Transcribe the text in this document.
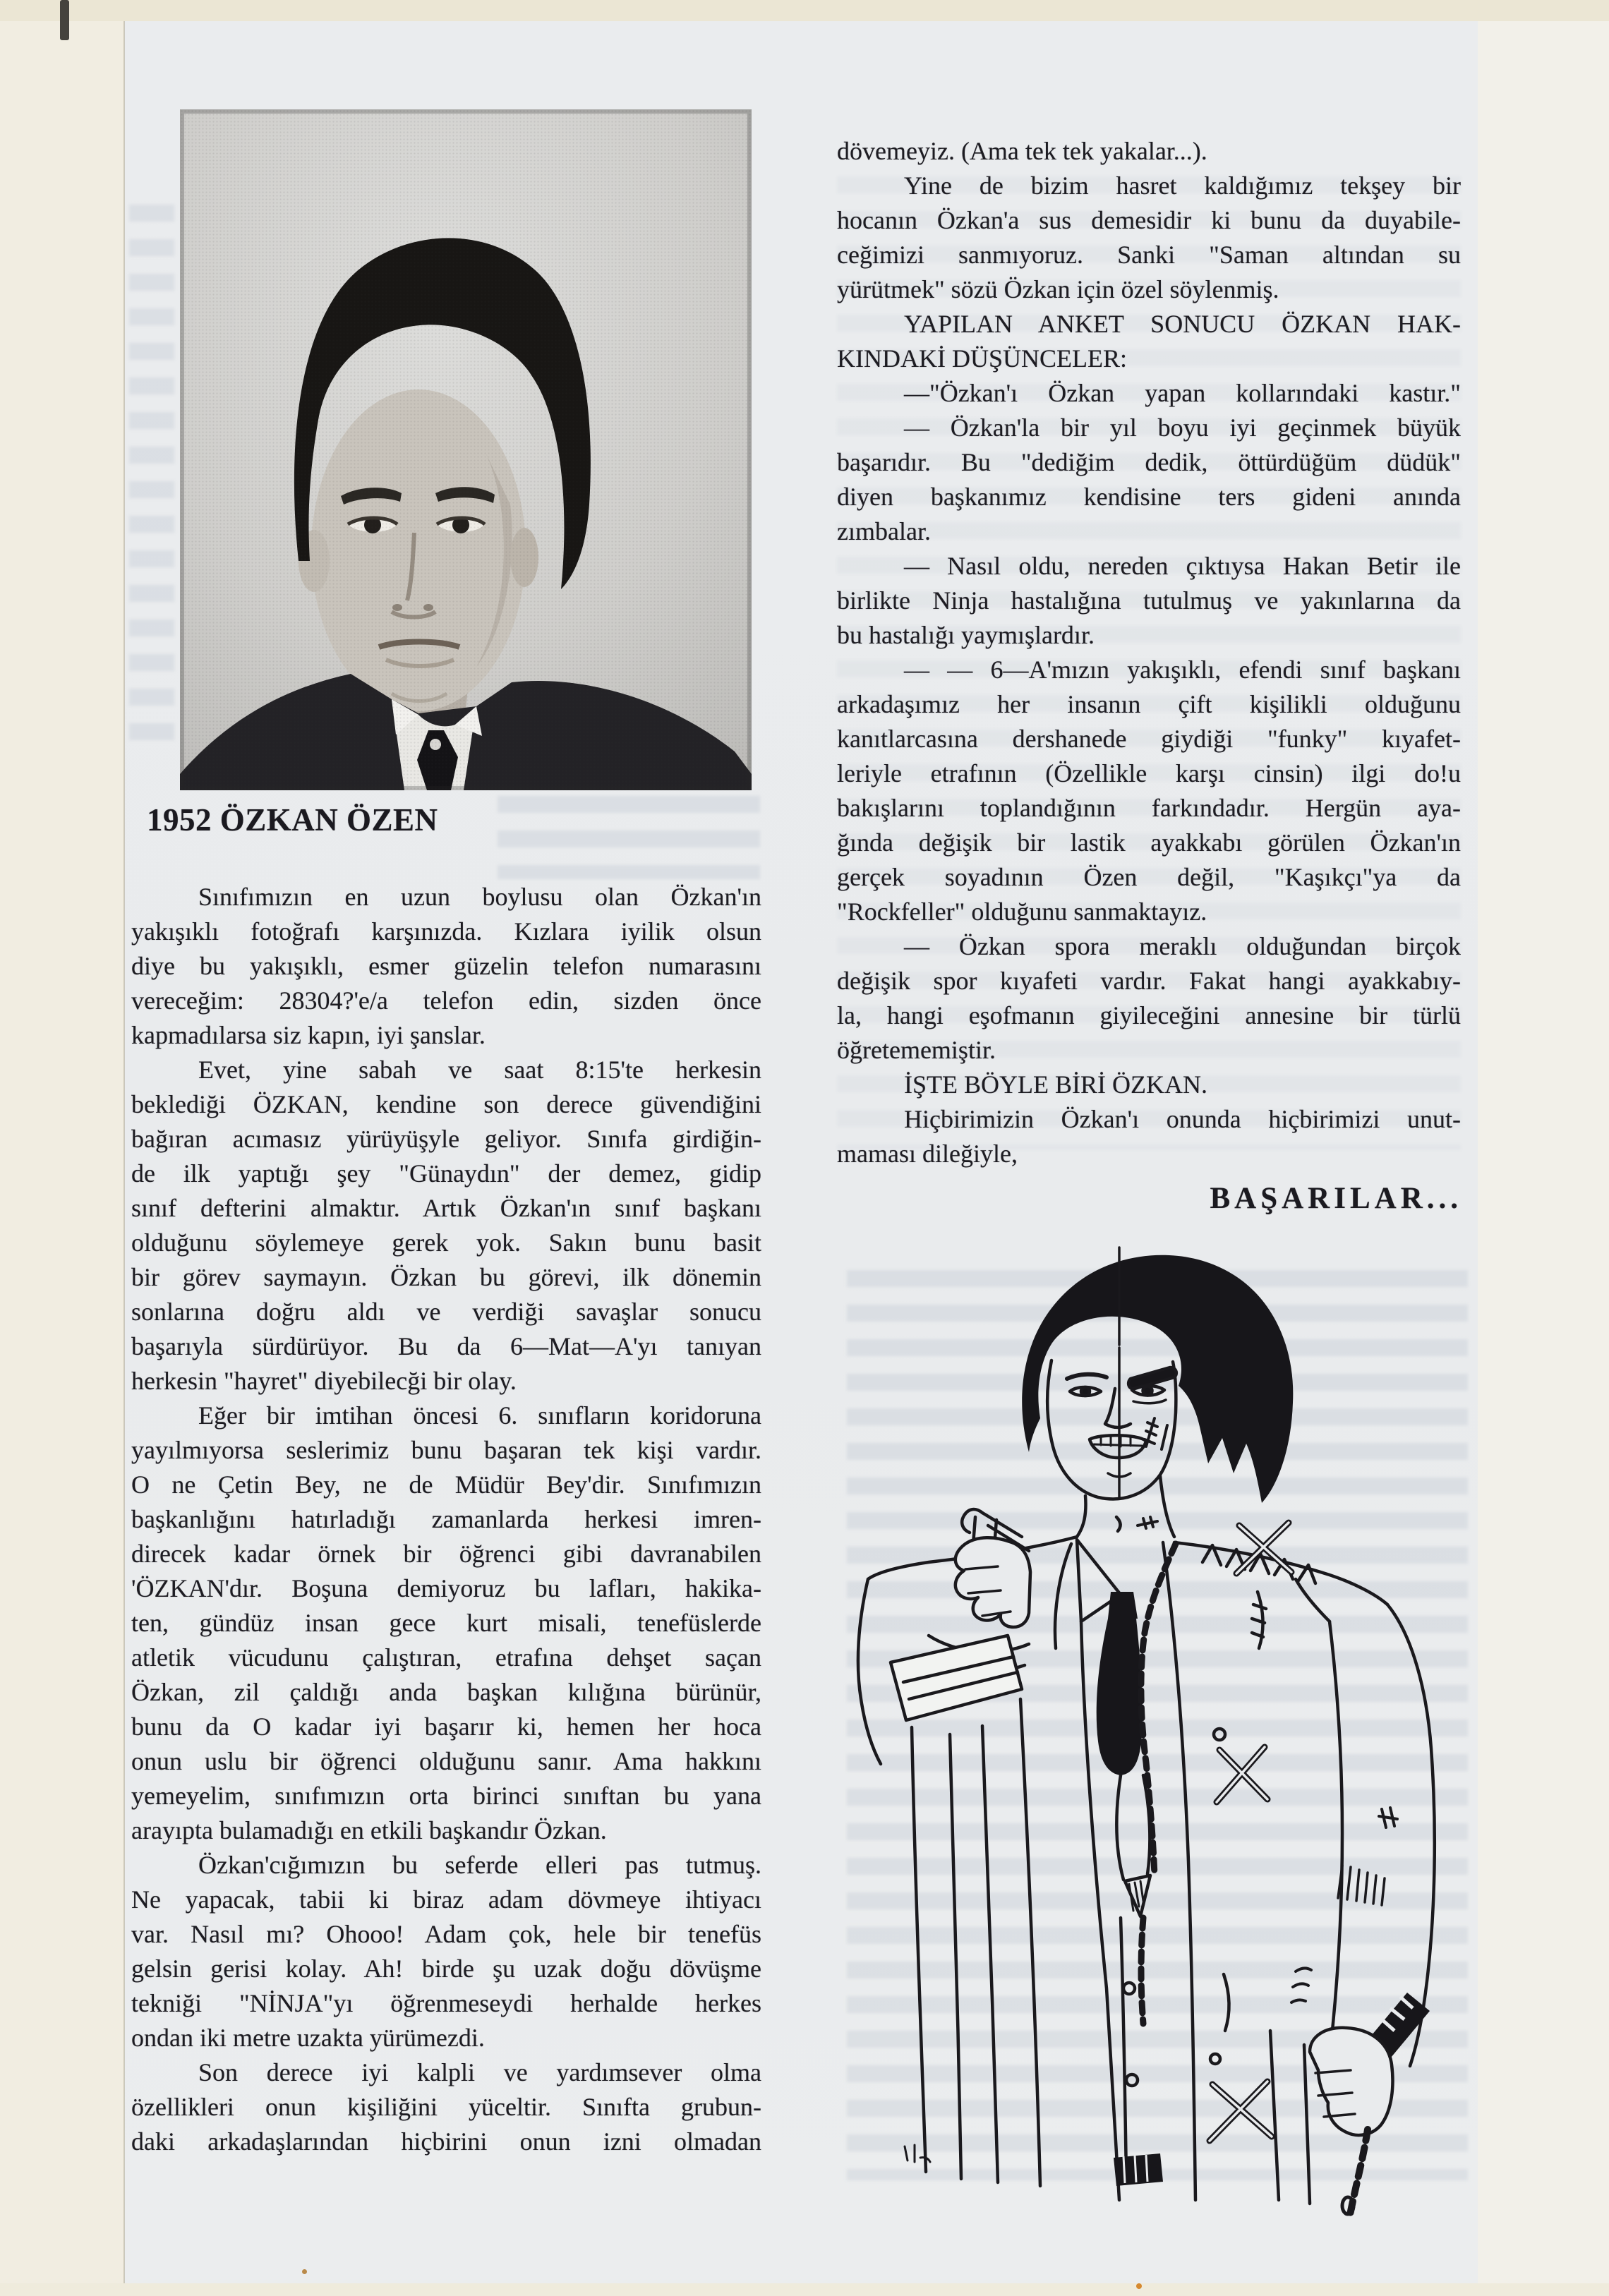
1952 ÖZKAN ÖZEN
Sınıfımızın en uzun boylusu olan Özkan'ın
yakışıklı fotoğrafı karşınızda. Kızlara iyilik olsun
diye bu yakışıklı, esmer güzelin telefon numarasını
vereceğim: 28304?'e/a telefon edin, sizden önce
kapmadılarsa siz kapın, iyi şanslar.
Evet, yine sabah ve saat 8:15'te herkesin
beklediği ÖZKAN, kendine son derece güvendiğini
bağıran acımasız yürüyüşyle geliyor. Sınıfa girdiğin-
de ilk yaptığı şey "Günaydın" der demez, gidip
sınıf defterini almaktır. Artık Özkan'ın sınıf başkanı
olduğunu söylemeye gerek yok. Sakın bunu basit
bir görev saymayın. Özkan bu görevi, ilk dönemin
sonlarına doğru aldı ve verdiği savaşlar sonucu
başarıyla sürdürüyor. Bu da 6—Mat—A'yı tanıyan
herkesin "hayret" diyebilecği bir olay.
Eğer bir imtihan öncesi 6. sınıfların koridoruna
yayılmıyorsa seslerimiz bunu başaran tek kişi vardır.
O ne Çetin Bey, ne de Müdür Bey'dir. Sınıfımızın
başkanlığını hatırladığı zamanlarda herkesi imren-
direcek kadar örnek bir öğrenci gibi davranabilen
'ÖZKAN'dır. Boşuna demiyoruz bu lafları, hakika-
ten, gündüz insan gece kurt misali, tenefüslerde
atletik vücudunu çalıştıran, etrafına dehşet saçan
Özkan, zil çaldığı anda başkan kılığına bürünür,
bunu da O kadar iyi başarır ki, hemen her hoca
onun uslu bir öğrenci olduğunu sanır. Ama hakkını
yemeyelim, sınıfımızın orta birinci sınıftan bu yana
arayıpta bulamadığı en etkili başkandır Özkan.
Özkan'cığımızın bu seferde elleri pas tutmuş.
Ne yapacak, tabii ki biraz adam dövmeye ihtiyacı
var. Nasıl mı? Ohooo! Adam çok, hele bir tenefüs
gelsin gerisi kolay. Ah! birde şu uzak doğu dövüşme
tekniği "NİNJA"yı öğrenmeseydi herhalde herkes
ondan iki metre uzakta yürümezdi.
Son derece iyi kalpli ve yardımsever olma
özellikleri onun kişiliğini yüceltir. Sınıfta grubun-
daki arkadaşlarından hiçbirini onun izni olmadan
dövemeyiz. (Ama tek tek yakalar...).
Yine de bizim hasret kaldığımız tekşey bir
hocanın Özkan'a sus demesidir ki bunu da duyabile-
ceğimizi sanmıyoruz. Sanki "Saman altından su
yürütmek" sözü Özkan için özel söylenmiş.
YAPILAN ANKET SONUCU ÖZKAN HAK-
KINDAKİ DÜŞÜNCELER:
—"Özkan'ı Özkan yapan kollarındaki kastır."
— Özkan'la bir yıl boyu iyi geçinmek büyük
başarıdır. Bu "dediğim dedik, öttürdüğüm düdük"
diyen başkanımız kendisine ters gideni anında
zımbalar.
— Nasıl oldu, nereden çıktıysa Hakan Betir ile
birlikte Ninja hastalığına tutulmuş ve yakınlarına da
bu hastalığı yaymışlardır.
— — 6—A'mızın yakışıklı, efendi sınıf başkanı
arkadaşımız her insanın çift kişilikli olduğunu
kanıtlarcasına dershanede giydiği "funky" kıyafet-
leriyle etrafının (Özellikle karşı cinsin) ilgi do!u
bakışlarını toplandığının farkındadır. Hergün aya-
ğında değişik bir lastik ayakkabı görülen Özkan'ın
gerçek soyadının Özen değil, "Kaşıkçı"ya da
"Rockfeller" olduğunu sanmaktayız.
— Özkan spora meraklı olduğundan birçok
değişik spor kıyafeti vardır. Fakat hangi ayakkabıy-
la, hangi eşofmanın giyileceğini annesine bir türlü
öğretememiştir.
İŞTE BÖYLE BİRİ ÖZKAN.
Hiçbirimizin Özkan'ı onunda hiçbirimizi unut-
maması dileğiyle,
BAŞARILAR...
